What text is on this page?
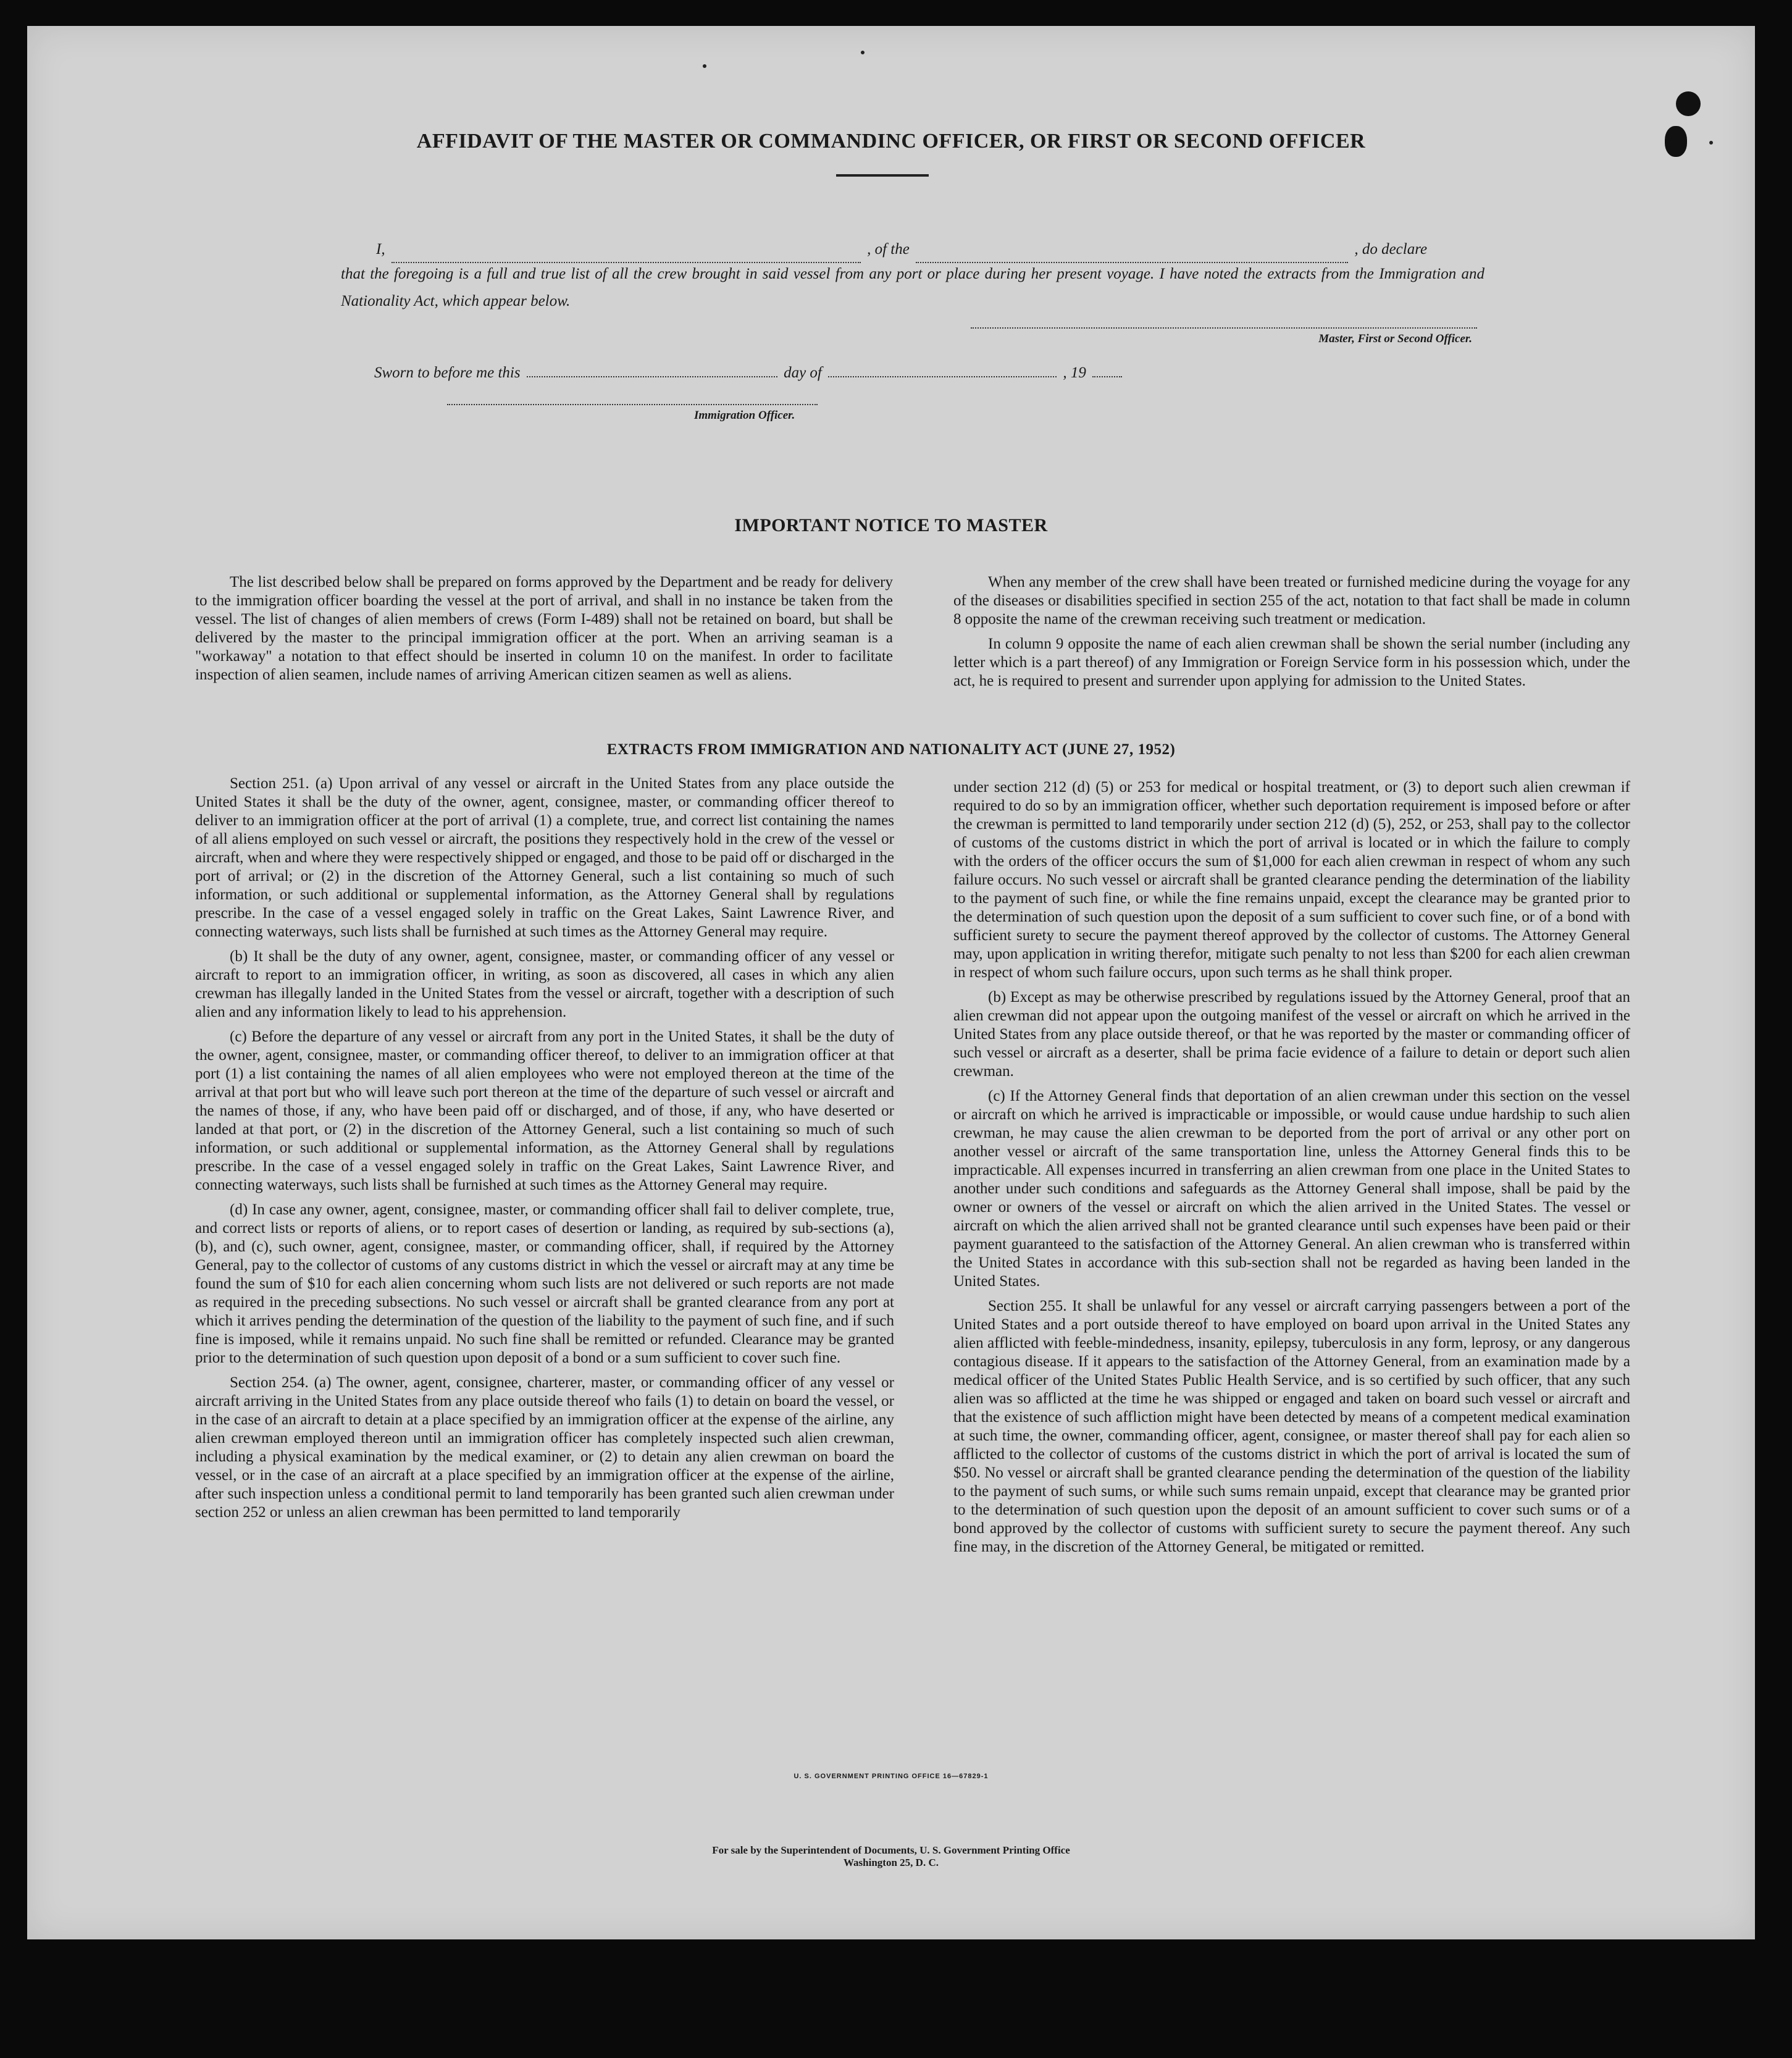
AFFIDAVIT OF THE MASTER OR COMMANDINC OFFICER, OR FIRST OR SECOND OFFICER
I,	, of the	, do declare
that the foregoing is a full and true list of all the crew brought in said vessel from any port or place during her present voyage. I have noted the extracts from the Immigration and Nationality Act, which appear below.
Master, First or Second Officer.
Sworn to before me this	day of	, 19
Immigration Officer.
IMPORTANT NOTICE TO MASTER

The list described below shall be prepared on forms approved by the Department and be ready for delivery to the immigration officer boarding the vessel at the port of arrival, and shall in no instance be taken from the vessel. The list of changes of alien members of crews (Form I-489) shall not be retained on board, but shall be delivered by the master to the principal immigration officer at the port. When an arriving seaman is a "workaway" a notation to that effect should be inserted in column 10 on the manifest. In order to facilitate inspection of alien seamen, include names of arriving American citizen seamen as well as aliens.

When any member of the crew shall have been treated or furnished medicine during the voyage for any of the diseases or disabilities specified in section 255 of the act, notation to that fact shall be made in column 8 opposite the name of the crewman receiving such treatment or medication.

In column 9 opposite the name of each alien crewman shall be shown the serial number (including any letter which is a part thereof) of any Immigration or Foreign Service form in his possession which, under the act, he is required to present and surrender upon applying for admission to the United States.

EXTRACTS FROM IMMIGRATION AND NATIONALITY ACT (JUNE 27, 1952)

Section 251. (a) Upon arrival of any vessel or aircraft in the United States from any place outside the United States it shall be the duty of the owner, agent, consignee, master, or commanding officer thereof to deliver to an immigration officer at the port of arrival (1) a complete, true, and correct list containing the names of all aliens employed on such vessel or aircraft, the positions they respectively hold in the crew of the vessel or aircraft, when and where they were respectively shipped or engaged, and those to be paid off or discharged in the port of arrival; or (2) in the discretion of the Attorney General, such a list containing so much of such information, or such additional or supplemental information, as the Attorney General shall by regulations prescribe. In the case of a vessel engaged solely in traffic on the Great Lakes, Saint Lawrence River, and connecting waterways, such lists shall be furnished at such times as the Attorney General may require.

(b) It shall be the duty of any owner, agent, consignee, master, or commanding officer of any vessel or aircraft to report to an immigration officer, in writing, as soon as discovered, all cases in which any alien crewman has illegally landed in the United States from the vessel or aircraft, together with a description of such alien and any information likely to lead to his apprehension.

(c) Before the departure of any vessel or aircraft from any port in the United States, it shall be the duty of the owner, agent, consignee, master, or commanding officer thereof, to deliver to an immigration officer at that port (1) a list containing the names of all alien employees who were not employed thereon at the time of the arrival at that port but who will leave such port thereon at the time of the departure of such vessel or aircraft and the names of those, if any, who have been paid off or discharged, and of those, if any, who have deserted or landed at that port, or (2) in the discretion of the Attorney General, such a list containing so much of such information, or such additional or supplemental information, as the Attorney General shall by regulations prescribe. In the case of a vessel engaged solely in traffic on the Great Lakes, Saint Lawrence River, and connecting waterways, such lists shall be furnished at such times as the Attorney General may require.

(d) In case any owner, agent, consignee, master, or commanding officer shall fail to deliver complete, true, and correct lists or reports of aliens, or to report cases of desertion or landing, as required by sub-sections (a), (b), and (c), such owner, agent, consignee, master, or commanding officer, shall, if required by the Attorney General, pay to the collector of customs of any customs district in which the vessel or aircraft may at any time be found the sum of $10 for each alien concerning whom such lists are not delivered or such reports are not made as required in the preceding subsections. No such vessel or aircraft shall be granted clearance from any port at which it arrives pending the determination of the question of the liability to the payment of such fine, and if such fine is imposed, while it remains unpaid. No such fine shall be remitted or refunded. Clearance may be granted prior to the determination of such question upon deposit of a bond or a sum sufficient to cover such fine.

Section 254. (a) The owner, agent, consignee, charterer, master, or commanding officer of any vessel or aircraft arriving in the United States from any place outside thereof who fails (1) to detain on board the vessel, or in the case of an aircraft to detain at a place specified by an immigration officer at the expense of the airline, any alien crewman employed thereon until an immigration officer has completely inspected such alien crewman, including a physical examination by the medical examiner, or (2) to detain any alien crewman on board the vessel, or in the case of an aircraft at a place specified by an immigration officer at the expense of the airline, after such inspection unless a conditional permit to land temporarily has been granted such alien crewman under section 252 or unless an alien crewman has been permitted to land temporarily

under section 212 (d) (5) or 253 for medical or hospital treatment, or (3) to deport such alien crewman if required to do so by an immigration officer, whether such deportation requirement is imposed before or after the crewman is permitted to land temporarily under section 212 (d) (5), 252, or 253, shall pay to the collector of customs of the customs district in which the port of arrival is located or in which the failure to comply with the orders of the officer occurs the sum of $1,000 for each alien crewman in respect of whom any such failure occurs. No such vessel or aircraft shall be granted clearance pending the determination of the liability to the payment of such fine, or while the fine remains unpaid, except the clearance may be granted prior to the determination of such question upon the deposit of a sum sufficient to cover such fine, or of a bond with sufficient surety to secure the payment thereof approved by the collector of customs. The Attorney General may, upon application in writing therefor, mitigate such penalty to not less than $200 for each alien crewman in respect of whom such failure occurs, upon such terms as he shall think proper.

(b) Except as may be otherwise prescribed by regulations issued by the Attorney General, proof that an alien crewman did not appear upon the outgoing manifest of the vessel or aircraft on which he arrived in the United States from any place outside thereof, or that he was reported by the master or commanding officer of such vessel or aircraft as a deserter, shall be prima facie evidence of a failure to detain or deport such alien crewman.

(c) If the Attorney General finds that deportation of an alien crewman under this section on the vessel or aircraft on which he arrived is impracticable or impossible, or would cause undue hardship to such alien crewman, he may cause the alien crewman to be deported from the port of arrival or any other port on another vessel or aircraft of the same transportation line, unless the Attorney General finds this to be impracticable. All expenses incurred in transferring an alien crewman from one place in the United States to another under such conditions and safeguards as the Attorney General shall impose, shall be paid by the owner or owners of the vessel or aircraft on which the alien arrived in the United States. The vessel or aircraft on which the alien arrived shall not be granted clearance until such expenses have been paid or their payment guaranteed to the satisfaction of the Attorney General. An alien crewman who is transferred within the United States in accordance with this sub-section shall not be regarded as having been landed in the United States.

Section 255. It shall be unlawful for any vessel or aircraft carrying passengers between a port of the United States and a port outside thereof to have employed on board upon arrival in the United States any alien afflicted with feeble-mindedness, insanity, epilepsy, tuberculosis in any form, leprosy, or any dangerous contagious disease. If it appears to the satisfaction of the Attorney General, from an examination made by a medical officer of the United States Public Health Service, and is so certified by such officer, that any such alien was so afflicted at the time he was shipped or engaged and taken on board such vessel or aircraft and that the existence of such affliction might have been detected by means of a competent medical examination at such time, the owner, commanding officer, agent, consignee, or master thereof shall pay for each alien so afflicted to the collector of customs of the customs district in which the port of arrival is located the sum of $50. No vessel or aircraft shall be granted clearance pending the determination of the question of the liability to the payment of such sums, or while such sums remain unpaid, except that clearance may be granted prior to the determination of such question upon the deposit of an amount sufficient to cover such sums or of a bond approved by the collector of customs with sufficient surety to secure the payment thereof. Any such fine may, in the discretion of the Attorney General, be mitigated or remitted.

U. S. GOVERNMENT PRINTING OFFICE 16—67829-1
For sale by the Superintendent of Documents, U. S. Government Printing Office
Washington 25, D. C.
